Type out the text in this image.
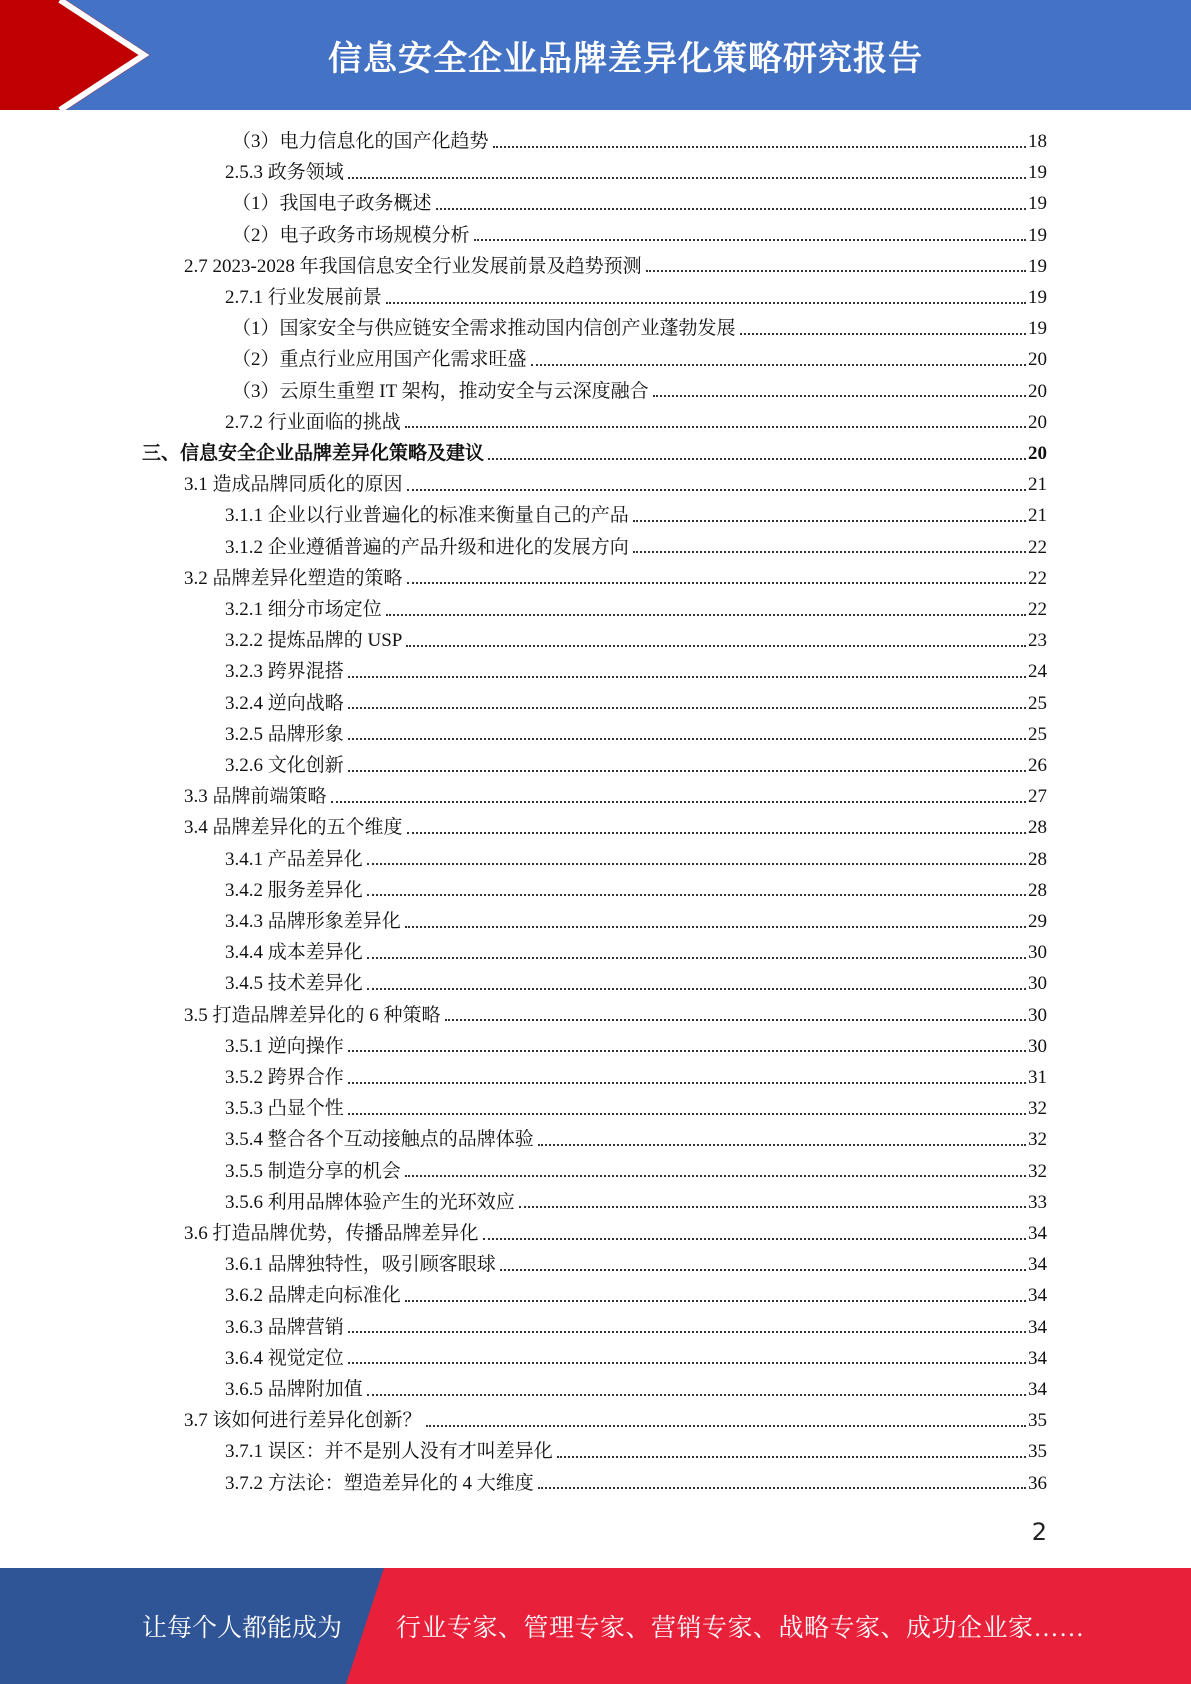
信息安全企业品牌差异化策略研究报告
（3）电力信息化的国产化趋势	18
2.5.3 政务领域	19
（1）我国电子政务概述	19
（2）电子政务市场规模分析	19
2.7 2023-2028 年我国信息安全行业发展前景及趋势预测	19
2.7.1 行业发展前景	19
（1）国家安全与供应链安全需求推动国内信创产业蓬勃发展	19
（2）重点行业应用国产化需求旺盛	20
（3）云原生重塑 IT 架构，推动安全与云深度融合	20
2.7.2 行业面临的挑战	20
三、信息安全企业品牌差异化策略及建议	20
3.1 造成品牌同质化的原因	21
3.1.1 企业以行业普遍化的标准来衡量自己的产品	21
3.1.2 企业遵循普遍的产品升级和进化的发展方向	22
3.2 品牌差异化塑造的策略	22
3.2.1 细分市场定位	22
3.2.2 提炼品牌的 USP	23
3.2.3 跨界混搭	24
3.2.4 逆向战略	25
3.2.5 品牌形象	25
3.2.6 文化创新	26
3.3 品牌前端策略	27
3.4 品牌差异化的五个维度	28
3.4.1 产品差异化	28
3.4.2 服务差异化	28
3.4.3 品牌形象差异化	29
3.4.4 成本差异化	30
3.4.5 技术差异化	30
3.5 打造品牌差异化的 6 种策略	30
3.5.1 逆向操作	30
3.5.2 跨界合作	31
3.5.3 凸显个性	32
3.5.4 整合各个互动接触点的品牌体验	32
3.5.5 制造分享的机会	32
3.5.6 利用品牌体验产生的光环效应	33
3.6 打造品牌优势，传播品牌差异化	34
3.6.1 品牌独特性，吸引顾客眼球	34
3.6.2 品牌走向标准化	34
3.6.3 品牌营销	34
3.6.4 视觉定位	34
3.6.5 品牌附加值	34
3.7 该如何进行差异化创新？	35
3.7.1 误区：并不是别人没有才叫差异化	35
3.7.2 方法论：塑造差异化的 4 大维度	36
2
让每个人都能成为 行业专家、管理专家、营销专家、战略专家、成功企业家……
